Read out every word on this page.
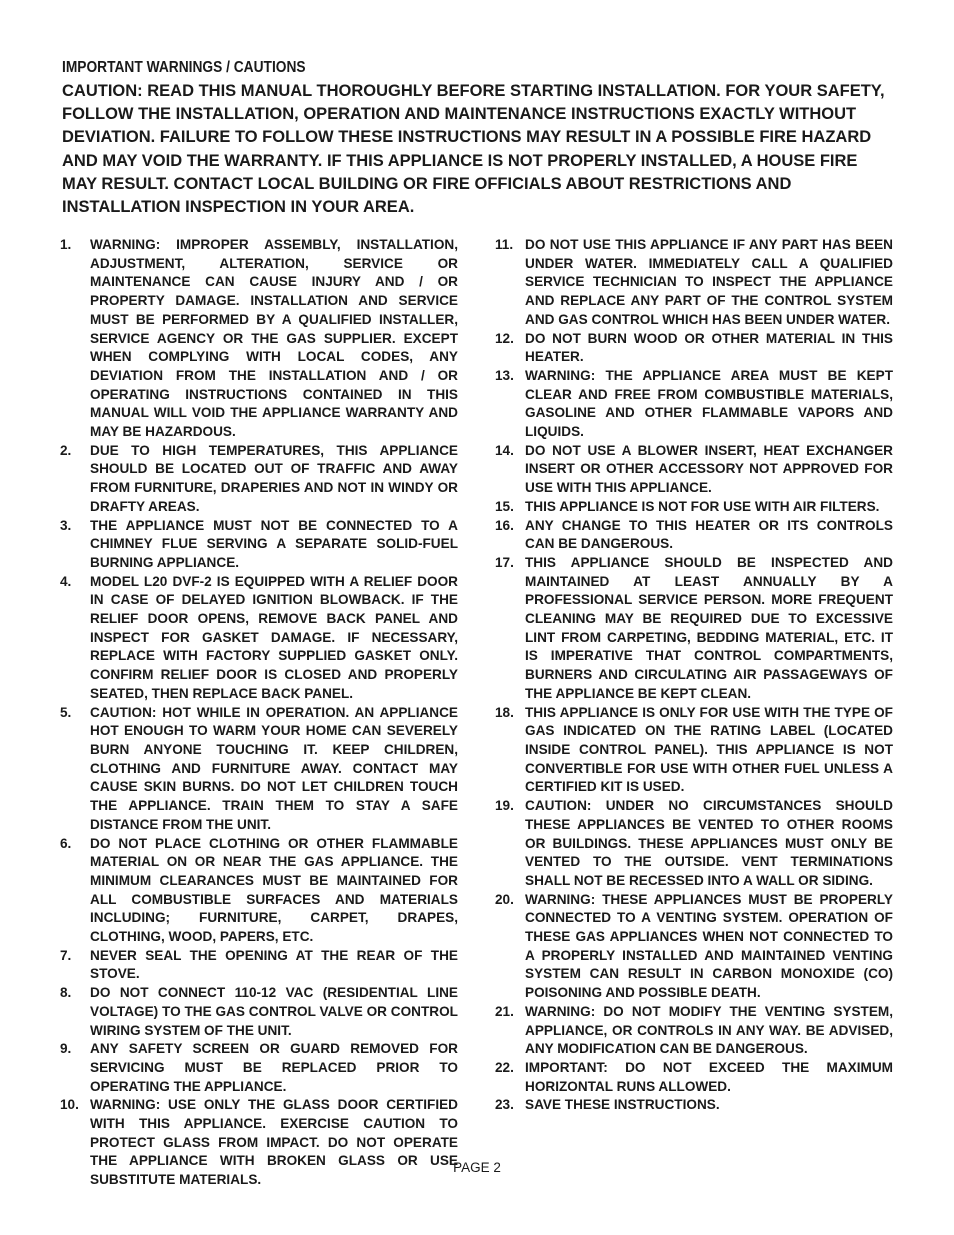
IMPORTANT WARNINGS / CAUTIONS
CAUTION: READ THIS MANUAL THOROUGHLY BEFORE STARTING INSTALLATION. FOR YOUR SAFETY, FOLLOW THE INSTALLATION, OPERATION AND MAINTENANCE INSTRUCTIONS EXACTLY WITHOUT DEVIATION. FAILURE TO FOLLOW THESE INSTRUCTIONS MAY RESULT IN A POSSIBLE FIRE HAZARD AND MAY VOID THE WARRANTY. IF THIS APPLIANCE IS NOT PROPERLY INSTALLED, A HOUSE FIRE MAY RESULT. CONTACT LOCAL BUILDING OR FIRE OFFICIALS ABOUT RESTRICTIONS AND INSTALLATION INSPECTION IN YOUR AREA.
1.	WARNING: IMPROPER ASSEMBLY, INSTALLATION, ADJUSTMENT, ALTERATION, SERVICE OR MAINTENANCE CAN CAUSE INJURY AND / OR PROPERTY DAMAGE. INSTALLATION AND SERVICE MUST BE PERFORMED BY A QUALIFIED INSTALLER, SERVICE AGENCY OR THE GAS SUPPLIER. EXCEPT WHEN COMPLYING WITH LOCAL CODES, ANY DEVIATION FROM THE INSTALLATION AND / OR OPERATING INSTRUCTIONS CONTAINED IN THIS MANUAL WILL VOID THE APPLIANCE WARRANTY AND MAY BE HAZARDOUS.
2.	DUE TO HIGH TEMPERATURES, THIS APPLIANCE SHOULD BE LOCATED OUT OF TRAFFIC AND AWAY FROM FURNITURE, DRAPERIES AND NOT IN WINDY OR DRAFTY AREAS.
3.	THE APPLIANCE MUST NOT BE CONNECTED TO A CHIMNEY FLUE SERVING A SEPARATE SOLID-FUEL BURNING APPLIANCE.
4.	MODEL L20 DVF-2 IS EQUIPPED WITH A RELIEF DOOR IN CASE OF DELAYED IGNITION BLOWBACK. IF THE RELIEF DOOR OPENS, REMOVE BACK PANEL AND INSPECT FOR GASKET DAMAGE. IF NECESSARY, REPLACE WITH FACTORY SUPPLIED GASKET ONLY. CONFIRM RELIEF DOOR IS CLOSED AND PROPERLY SEATED, THEN REPLACE BACK PANEL.
5.	CAUTION: HOT WHILE IN OPERATION. AN APPLIANCE HOT ENOUGH TO WARM YOUR HOME CAN SEVERELY BURN ANYONE TOUCHING IT. KEEP CHILDREN, CLOTHING AND FURNITURE AWAY. CONTACT MAY CAUSE SKIN BURNS. DO NOT LET CHILDREN TOUCH THE APPLIANCE. TRAIN THEM TO STAY A SAFE DISTANCE FROM THE UNIT.
6.	DO NOT PLACE CLOTHING OR OTHER FLAMMABLE MATERIAL ON OR NEAR THE GAS APPLIANCE. THE MINIMUM CLEARANCES MUST BE MAINTAINED FOR ALL COMBUSTIBLE SURFACES AND MATERIALS INCLUDING; FURNITURE, CARPET, DRAPES, CLOTHING, WOOD, PAPERS, ETC.
7.	NEVER SEAL THE OPENING AT THE REAR OF THE STOVE.
8.	DO NOT CONNECT 110-12 VAC (RESIDENTIAL LINE VOLTAGE) TO THE GAS CONTROL VALVE OR CONTROL WIRING SYSTEM OF THE UNIT.
9.	ANY SAFETY SCREEN OR GUARD REMOVED FOR SERVICING MUST BE REPLACED PRIOR TO OPERATING THE APPLIANCE.
10. WARNING: USE ONLY THE GLASS DOOR CERTIFIED WITH THIS APPLIANCE. EXERCISE CAUTION TO PROTECT GLASS FROM IMPACT. DO NOT OPERATE THE APPLIANCE WITH BROKEN GLASS OR USE SUBSTITUTE MATERIALS.
11. DO NOT USE THIS APPLIANCE IF ANY PART HAS BEEN UNDER WATER. IMMEDIATELY CALL A QUALIFIED SERVICE TECHNICIAN TO INSPECT THE APPLIANCE AND REPLACE ANY PART OF THE CONTROL SYSTEM AND GAS CONTROL WHICH HAS BEEN UNDER WATER.
12. DO NOT BURN WOOD OR OTHER MATERIAL IN THIS HEATER.
13. WARNING: THE APPLIANCE AREA MUST BE KEPT CLEAR AND FREE FROM COMBUSTIBLE MATERIALS, GASOLINE AND OTHER FLAMMABLE VAPORS AND LIQUIDS.
14. DO NOT USE A BLOWER INSERT, HEAT EXCHANGER INSERT OR OTHER ACCESSORY NOT APPROVED FOR USE WITH THIS APPLIANCE.
15. THIS APPLIANCE IS NOT FOR USE WITH AIR FILTERS.
16. ANY CHANGE TO THIS HEATER OR ITS CONTROLS CAN BE DANGEROUS.
17. THIS APPLIANCE SHOULD BE INSPECTED AND MAINTAINED AT LEAST ANNUALLY BY A PROFESSIONAL SERVICE PERSON. MORE FREQUENT CLEANING MAY BE REQUIRED DUE TO EXCESSIVE LINT FROM CARPETING, BEDDING MATERIAL, ETC. IT IS IMPERATIVE THAT CONTROL COMPARTMENTS, BURNERS AND CIRCULATING AIR PASSAGEWAYS OF THE APPLIANCE BE KEPT CLEAN.
18. THIS APPLIANCE IS ONLY FOR USE WITH THE TYPE OF GAS INDICATED ON THE RATING LABEL (LOCATED INSIDE CONTROL PANEL). THIS APPLIANCE IS NOT CONVERTIBLE FOR USE WITH OTHER FUEL UNLESS A CERTIFIED KIT IS USED.
19. CAUTION: UNDER NO CIRCUMSTANCES SHOULD THESE APPLIANCES BE VENTED TO OTHER ROOMS OR BUILDINGS. THESE APPLIANCES MUST ONLY BE VENTED TO THE OUTSIDE. VENT TERMINATIONS SHALL NOT BE RECESSED INTO A WALL OR SIDING.
20. WARNING: THESE APPLIANCES MUST BE PROPERLY CONNECTED TO A VENTING SYSTEM. OPERATION OF THESE GAS APPLIANCES WHEN NOT CONNECTED TO A PROPERLY INSTALLED AND MAINTAINED VENTING SYSTEM CAN RESULT IN CARBON MONOXIDE (CO) POISONING AND POSSIBLE DEATH.
21. WARNING: DO NOT MODIFY THE VENTING SYSTEM, APPLIANCE, OR CONTROLS IN ANY WAY. BE ADVISED, ANY MODIFICATION CAN BE DANGEROUS.
22. IMPORTANT: DO NOT EXCEED THE MAXIMUM HORIZONTAL RUNS ALLOWED.
23. SAVE THESE INSTRUCTIONS.
PAGE 2
